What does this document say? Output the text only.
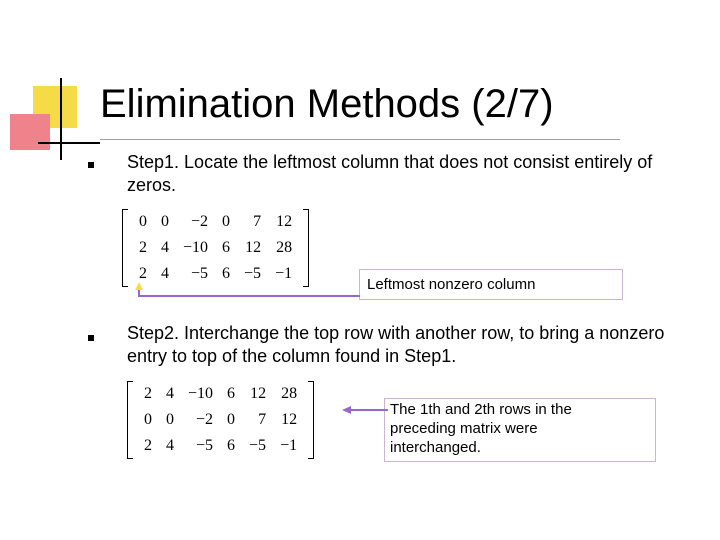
Elimination Methods (2/7)
Step1. Locate the leftmost column that does not consist entirely of zeros.
0	0	−2	0	7	12
2	4	−10	6	12	28
2	4	−5	6	−5	−1
Leftmost nonzero column
Step2. Interchange the top row with another row, to bring a nonzero entry to top of the column found in Step1.
2	4	−10	6	12	28
0	0	−2	0	7	12
2	4	−5	6	−5	−1
The 1th and 2th rows in the preceding matrix were interchanged.
